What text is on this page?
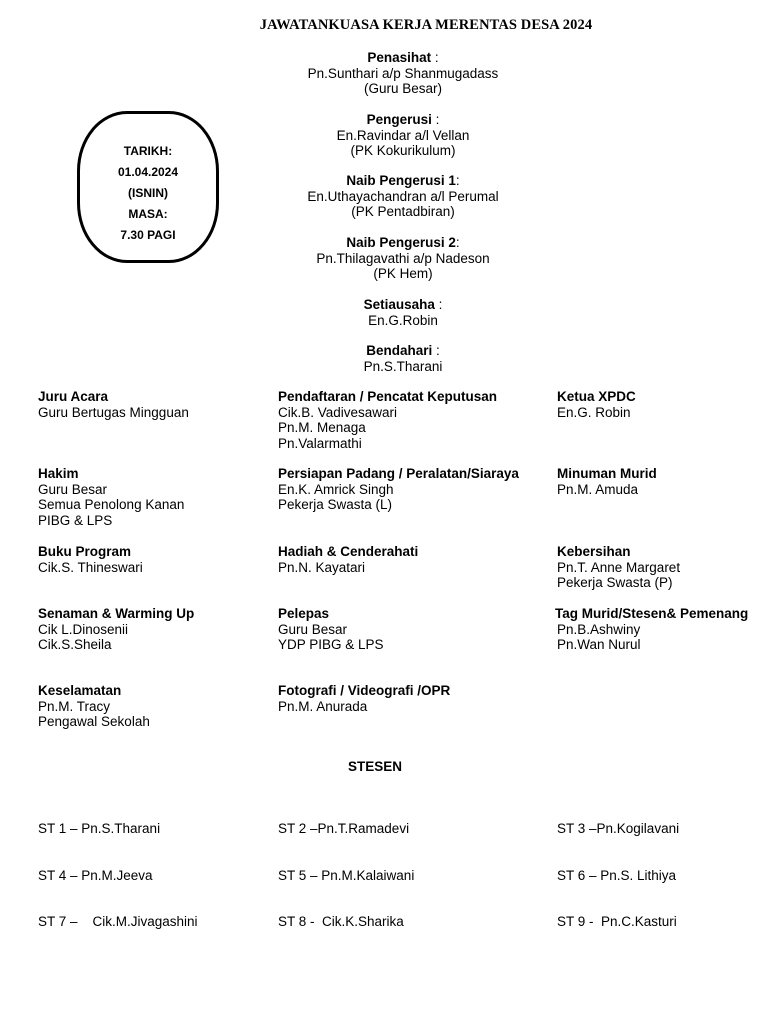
JAWATANKUASA KERJA MERENTAS DESA 2024
TARIKH:
01.04.2024
(ISNIN)
MASA:
7.30 PAGI
Penasihat :
Pn.Sunthari a/p Shanmugadass
(Guru Besar)
Pengerusi :
En.Ravindar a/l Vellan
(PK Kokurikulum)
Naib Pengerusi 1:
En.Uthayachandran a/l Perumal
(PK Pentadbiran)
Naib Pengerusi 2:
Pn.Thilagavathi a/p Nadeson
(PK Hem)
Setiausaha :
En.G.Robin
Bendahari :
Pn.S.Tharani
Juru Acara
Guru Bertugas Mingguan
Pendaftaran / Pencatat Keputusan
Cik.B. Vadivesawari
Pn.M. Menaga
Pn.Valarmathi
Ketua XPDC
En.G. Robin
Hakim
Guru Besar
Semua Penolong Kanan
PIBG & LPS
Persiapan Padang / Peralatan/Siaraya
En.K. Amrick Singh
Pekerja Swasta (L)
Minuman Murid
Pn.M. Amuda
Buku Program
Cik.S. Thineswari
Hadiah & Cenderahati
Pn.N. Kayatari
Kebersihan
Pn.T. Anne Margaret
Pekerja Swasta (P)
Senaman & Warming Up
Cik L.Dinosenii
Cik.S.Sheila
Pelepas
Guru Besar
YDP PIBG & LPS
Tag Murid/Stesen& Pemenang
Pn.B.Ashwiny
Pn.Wan Nurul
Keselamatan
Pn.M. Tracy
Pengawal Sekolah
Fotografi / Videografi /OPR
Pn.M. Anurada
STESEN

ST 1 – Pn.S.Tharani

ST 4 – Pn.M.Jeeva

ST 7 –    Cik.M.Jivagashini

ST 2 –Pn.T.Ramadevi

ST 5 – Pn.M.Kalaiwani

ST 8 -  Cik.K.Sharika

ST 3 –Pn.Kogilavani

ST 6 – Pn.S. Lithiya

ST 9 -  Pn.C.Kasturi
